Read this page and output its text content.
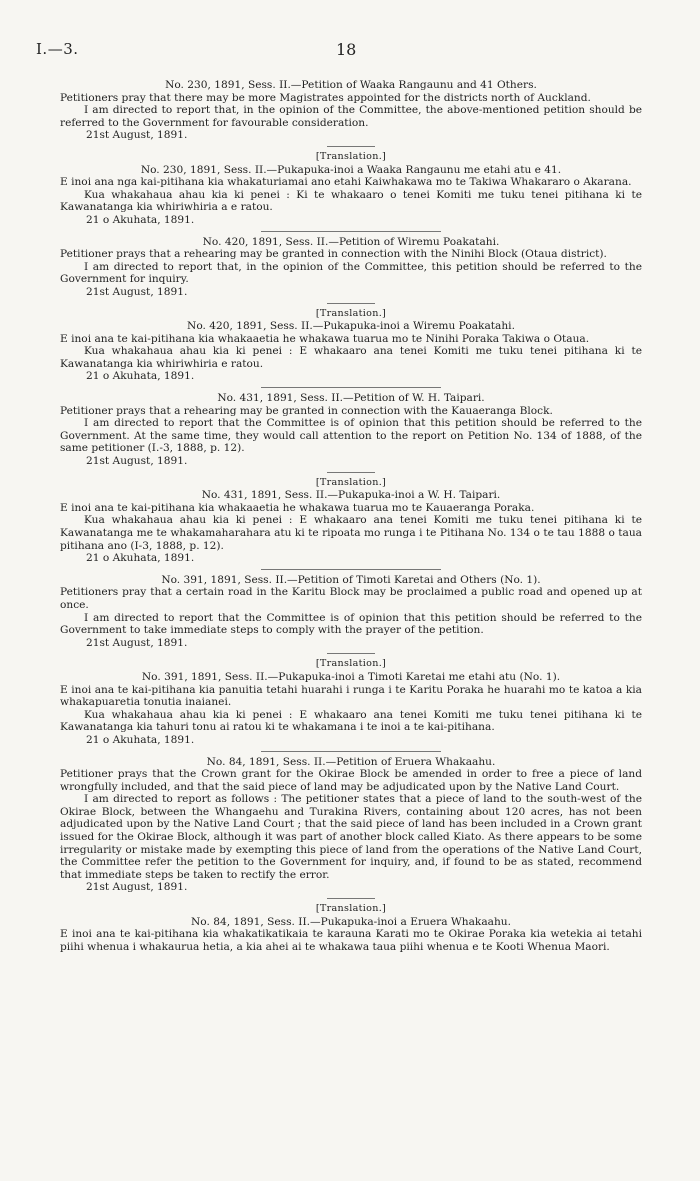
I.—3.	18

No. 230, 1891, Sess. II.—Petition of Waaka Rangaunu and 41 Others.

Petitioners pray that there may be more Magistrates appointed for the districts north of Auckland.

I am directed to report that, in the opinion of the Committee, the above-mentioned petition should be referred to the Government for favourable consideration.

21st August, 1891.

[Translation.]

No. 230, 1891, Sess. II.—Pukapuka-inoi a Waaka Rangaunu me etahi atu e 41.

E inoi ana nga kai-pitihana kia whakaturiamai ano etahi Kaiwhakawa mo te Takiwa Whakararo o Akarana.

Kua whakahaua ahau kia ki penei : Ki te whakaaro o tenei Komiti me tuku tenei pitihana ki te Kawanatanga kia whiriwhiria a e ratou.

21 o Akuhata, 1891.

No. 420, 1891, Sess. II.—Petition of Wiremu Poakatahi.

Petitioner prays that a rehearing may be granted in connection with the Ninihi Block (Otaua district).

I am directed to report that, in the opinion of the Committee, this petition should be referred to the Government for inquiry.

21st August, 1891.

[Translation.]

No. 420, 1891, Sess. II.—Pukapuka-inoi a Wiremu Poakatahi.

E inoi ana te kai-pitihana kia whakaaetia he whakawa tuarua mo te Ninihi Poraka Takiwa o Otaua.

Kua whakahaua ahau kia ki penei : E whakaaro ana tenei Komiti me tuku tenei pitihana ki te Kawanatanga kia whiriwhiria e ratou.

21 o Akuhata, 1891.

No. 431, 1891, Sess. II.—Petition of W. H. Taipari.

Petitioner prays that a rehearing may be granted in connection with the Kauaeranga Block.

I am directed to report that the Committee is of opinion that this petition should be referred to the Government. At the same time, they would call attention to the report on Petition No. 134 of 1888, of the same petitioner (I.-3, 1888, p. 12).

21st August, 1891.

[Translation.]

No. 431, 1891, Sess. II.—Pukapuka-inoi a W. H. Taipari.

E inoi ana te kai-pitihana kia whakaaetia he whakawa tuarua mo te Kauaeranga Poraka.

Kua whakahaua ahau kia ki penei : E whakaaro ana tenei Komiti me tuku tenei pitihana ki te Kawanatanga me te whakamaharahara atu ki te ripoata mo runga i te Pitihana No. 134 o te tau 1888 o taua pitihana ano (I-3, 1888, p. 12).

21 o Akuhata, 1891.

No. 391, 1891, Sess. II.—Petition of Timoti Karetai and Others (No. 1).

Petitioners pray that a certain road in the Karitu Block may be proclaimed a public road and opened up at once.

I am directed to report that the Committee is of opinion that this petition should be referred to the Government to take immediate steps to comply with the prayer of the petition.

21st August, 1891.

[Translation.]

No. 391, 1891, Sess. II.—Pukapuka-inoi a Timoti Karetai me etahi atu (No. 1).

E inoi ana te kai-pitihana kia panuitia tetahi huarahi i runga i te Karitu Poraka he huarahi mo te katoa a kia whakapuaretia tonutia inaianei.

Kua whakahaua ahau kia ki penei : E whakaaro ana tenei Komiti me tuku tenei pitihana ki te Kawanatanga kia tahuri tonu ai ratou ki te whakamana i te inoi a te kai-pitihana.

21 o Akuhata, 1891.

No. 84, 1891, Sess. II.—Petition of Eruera Whakaahu.

Petitioner prays that the Crown grant for the Okirae Block be amended in order to free a piece of land wrongfully included, and that the said piece of land may be adjudicated upon by the Native Land Court.

I am directed to report as follows : The petitioner states that a piece of land to the south-west of the Okirae Block, between the Whangaehu and Turakina Rivers, containing about 120 acres, has not been adjudicated upon by the Native Land Court ; that the said piece of land has been included in a Crown grant issued for the Okirae Block, although it was part of another block called Kiato. As there appears to be some irregularity or mistake made by exempting this piece of land from the operations of the Native Land Court, the Committee refer the petition to the Government for inquiry, and, if found to be as stated, recommend that immediate steps be taken to rectify the error.

21st August, 1891.

[Translation.]

No. 84, 1891, Sess. II.—Pukapuka-inoi a Eruera Whakaahu.

E inoi ana te kai-pitihana kia whakatikatikaia te karauna Karati mo te Okirae Poraka kia wetekia ai tetahi piihi whenua i whakaurua hetia, a kia ahei ai te whakawa taua piihi whenua e te Kooti Whenua Maori.
